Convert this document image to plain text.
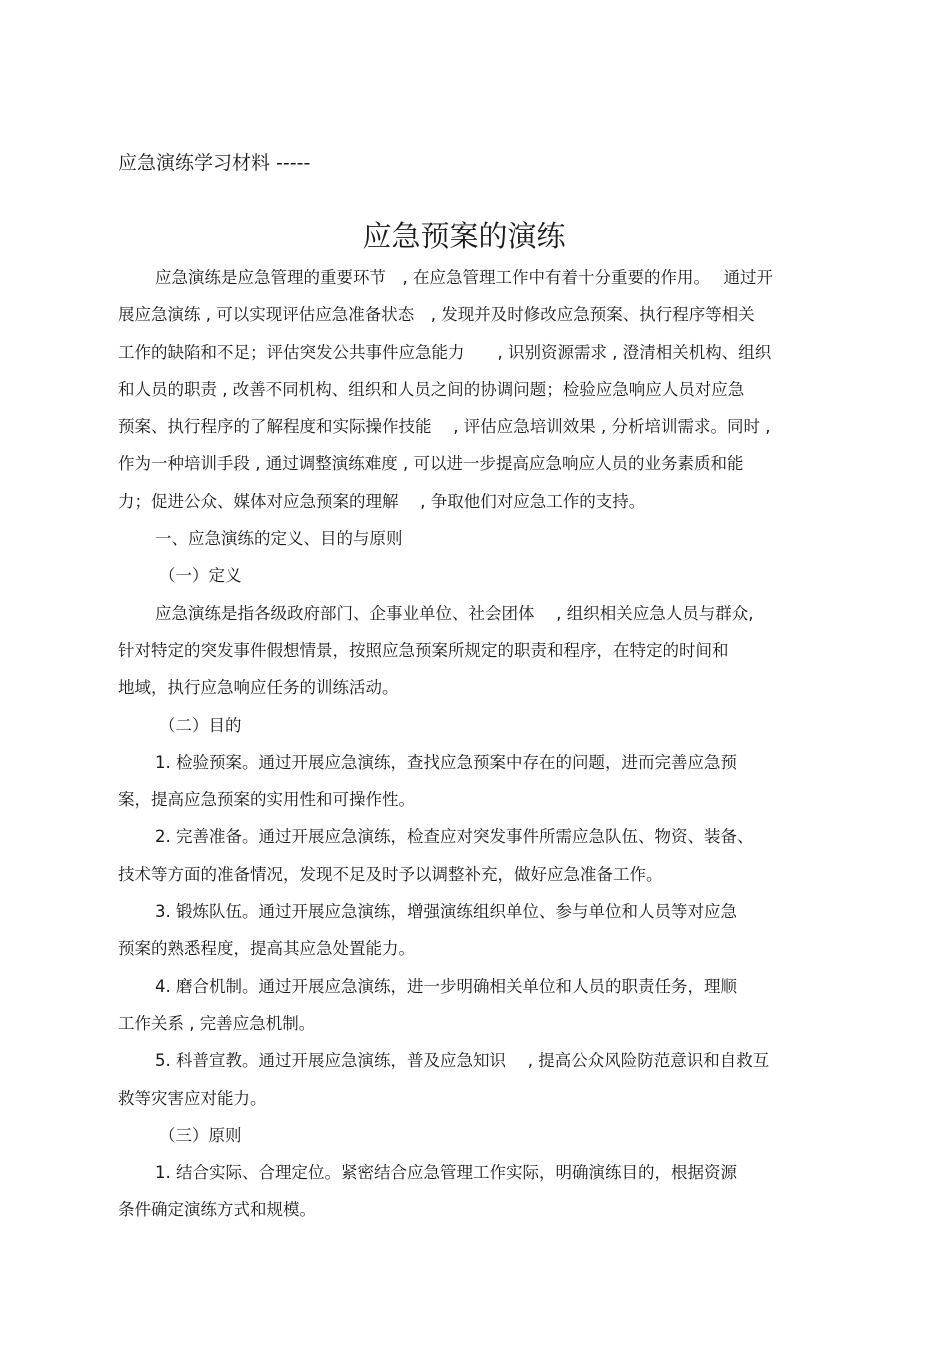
应急演练学习材料 -----
应急预案的演练
应急演练是应急管理的重要环节　, 在应急管理工作中有着十分重要的作用。　 通过开
展应急演练 , 可以实现评估应急准备状态　, 发现并及时修改应急预案、执行程序等相关
工作的缺陷和不足；评估突发公共事件应急能力　　, 识别资源需求 , 澄清相关机构、组织
和人员的职责 , 改善不同机构、组织和人员之间的协调问题；检验应急响应人员对应急
预案、执行程序的了解程度和实际操作技能　 , 评估应急培训效果 , 分析培训需求。同时 ,
作为一种培训手段 , 通过调整演练难度 , 可以进一步提高应急响应人员的业务素质和能
力；促进公众、媒体对应急预案的理解　 , 争取他们对应急工作的支持。
一、应急演练的定义、目的与原则
（一）定义
应急演练是指各级政府部门、企事业单位、社会团体　 , 组织相关应急人员与群众,
针对特定的突发事件假想情景，按照应急预案所规定的职责和程序，在特定的时间和
地域，执行应急响应任务的训练活动。
（二）目的
1. 检验预案。通过开展应急演练，查找应急预案中存在的问题，进而完善应急预
案，提高应急预案的实用性和可操作性。
2. 完善准备。通过开展应急演练，检查应对突发事件所需应急队伍、物资、装备、
技术等方面的准备情况，发现不足及时予以调整补充，做好应急准备工作。
3. 锻炼队伍。通过开展应急演练，增强演练组织单位、参与单位和人员等对应急
预案的熟悉程度，提高其应急处置能力。
4. 磨合机制。通过开展应急演练，进一步明确相关单位和人员的职责任务，理顺
工作关系 , 完善应急机制。
5. 科普宣教。通过开展应急演练，普及应急知识　 , 提高公众风险防范意识和自救互
救等灾害应对能力。
（三）原则
1. 结合实际、合理定位。紧密结合应急管理工作实际，明确演练目的，根据资源
条件确定演练方式和规模。
